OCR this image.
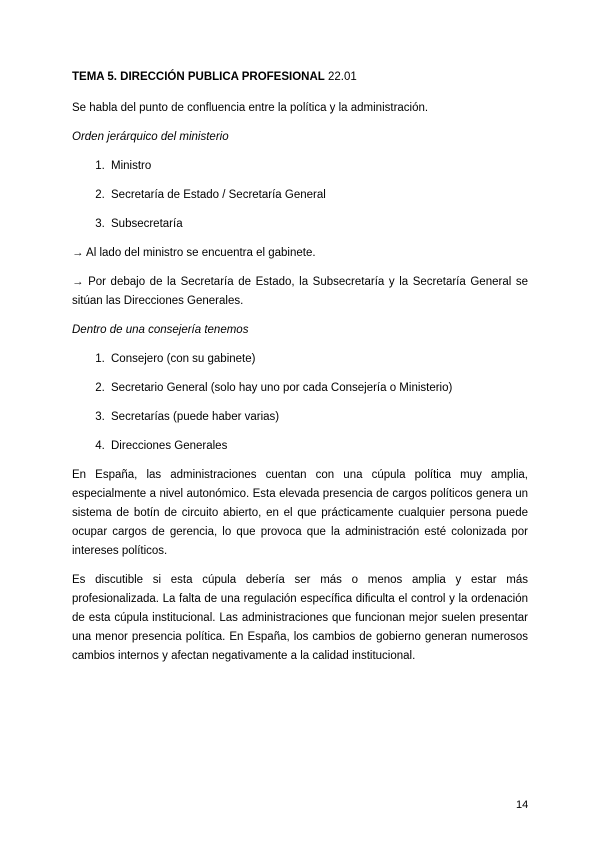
TEMA 5. DIRECCIÓN PUBLICA PROFESIONAL 22.01

Se habla del punto de confluencia entre la política y la administración.

Orden jerárquico del ministerio
1. Ministro
2. Secretaría de Estado / Secretaría General
3. Subsecretaría

→ Al lado del ministro se encuentra el gabinete.

→ Por debajo de la Secretaría de Estado, la Subsecretaría y la Secretaría General se sitúan las Direcciones Generales.

Dentro de una consejería tenemos
1. Consejero (con su gabinete)
2. Secretario General (solo hay uno por cada Consejería o Ministerio)
3. Secretarías (puede haber varias)
4. Direcciones Generales

En España, las administraciones cuentan con una cúpula política muy amplia, especialmente a nivel autonómico. Esta elevada presencia de cargos políticos genera un sistema de botín de circuito abierto, en el que prácticamente cualquier persona puede ocupar cargos de gerencia, lo que provoca que la administración esté colonizada por intereses políticos.

Es discutible si esta cúpula debería ser más o menos amplia y estar más profesionalizada. La falta de una regulación específica dificulta el control y la ordenación de esta cúpula institucional. Las administraciones que funcionan mejor suelen presentar una menor presencia política. En España, los cambios de gobierno generan numerosos cambios internos y afectan negativamente a la calidad institucional.

14
